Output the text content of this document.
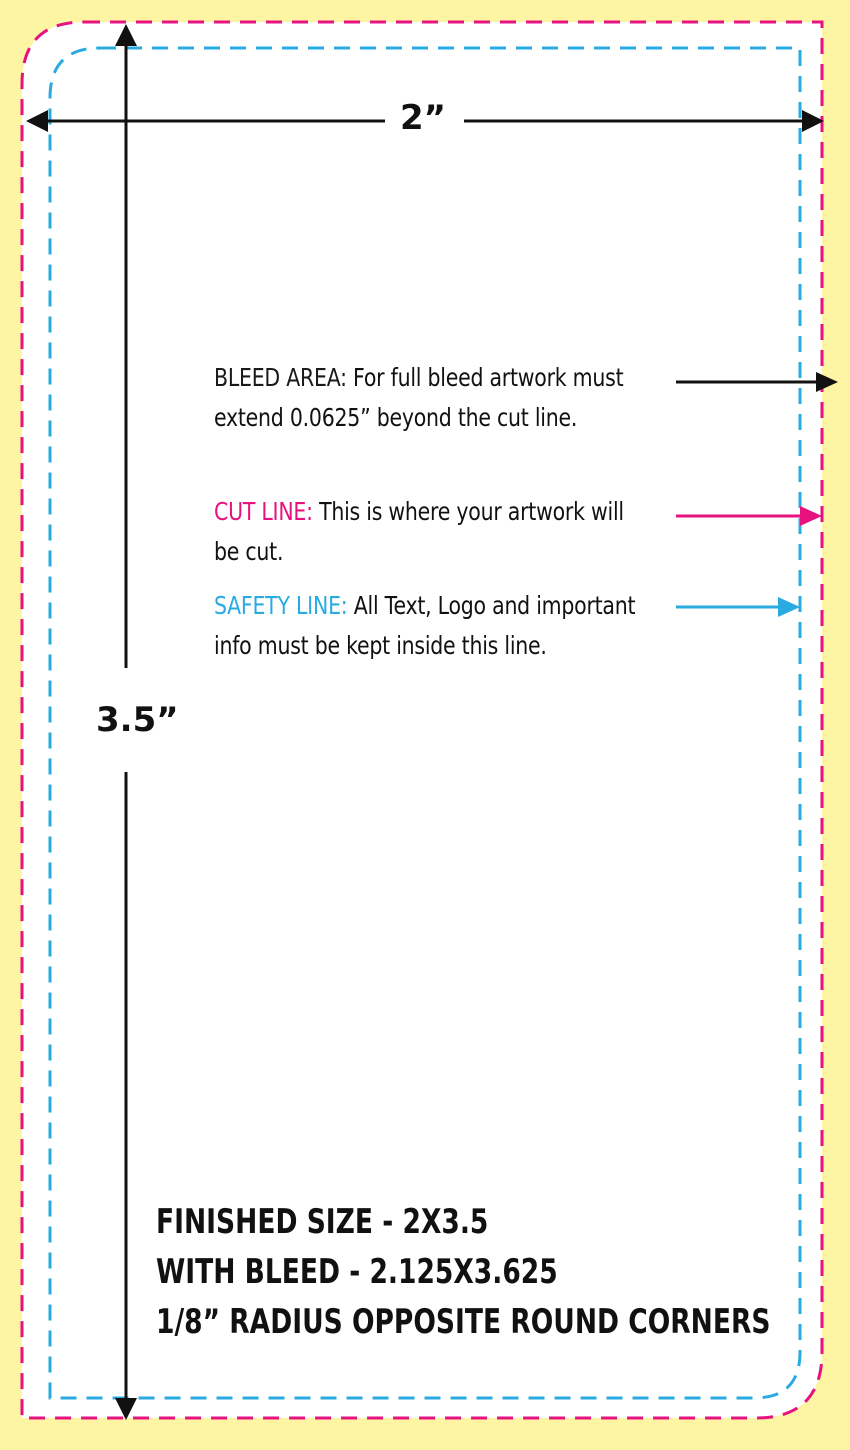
2”
3.5”
BLEED AREA: For full bleed artwork must extend 0.0625” beyond the cut line.
CUT LINE: This is where your artwork will be cut.
SAFETY LINE: All Text, Logo and important info must be kept inside this line.
FINISHED SIZE - 2X3.5
WITH BLEED - 2.125X3.625
1/8” RADIUS OPPOSITE ROUND CORNERS
